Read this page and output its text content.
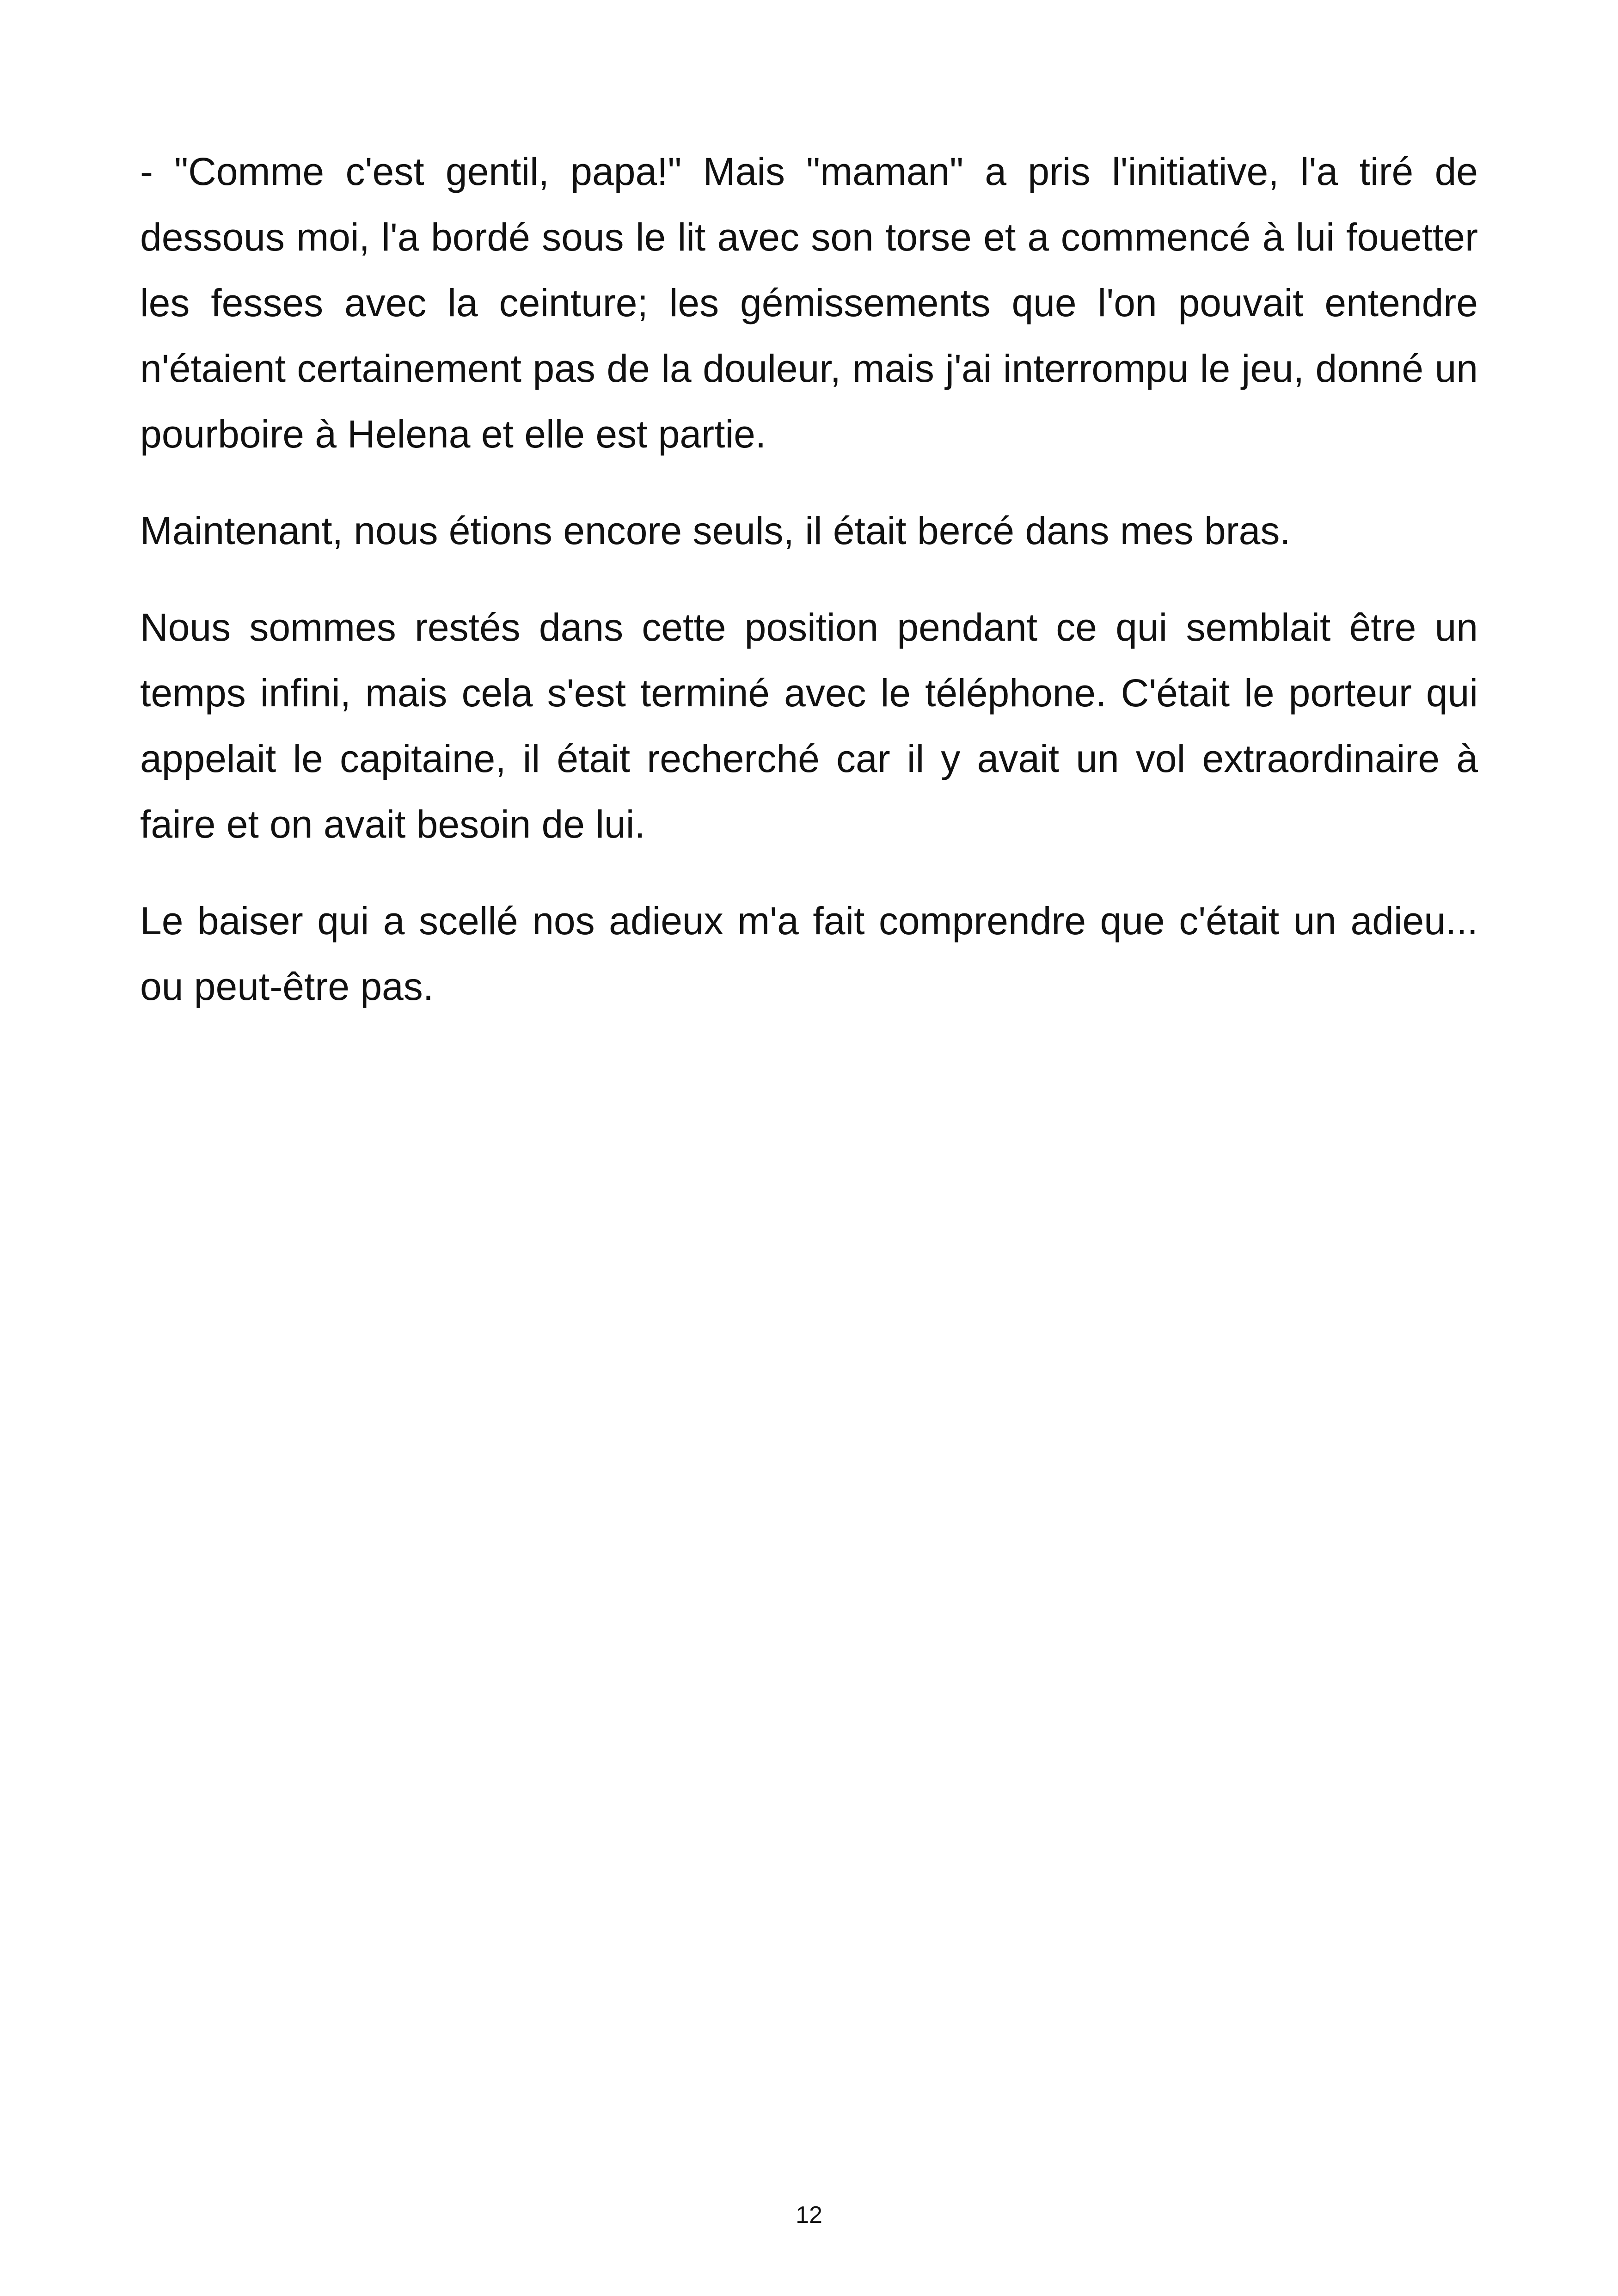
- "Comme c'est gentil, papa!" Mais "maman" a pris l'initiative, l'a tiré de dessous moi, l'a bordé sous le lit avec son torse et a commencé à lui fouetter les fesses avec la ceinture; les gémissements que l'on pouvait entendre n'étaient certainement pas de la douleur, mais j'ai interrompu le jeu, donné un pourboire à Helena et elle est partie.

Maintenant, nous étions encore seuls, il était bercé dans mes bras.

Nous sommes restés dans cette position pendant ce qui semblait être un temps infini, mais cela s'est terminé avec le téléphone. C'était le porteur qui appelait le capitaine, il était recherché car il y avait un vol extraordinaire à faire et on avait besoin de lui.

Le baiser qui a scellé nos adieux m'a fait comprendre que c'était un adieu... ou peut-être pas.

12
